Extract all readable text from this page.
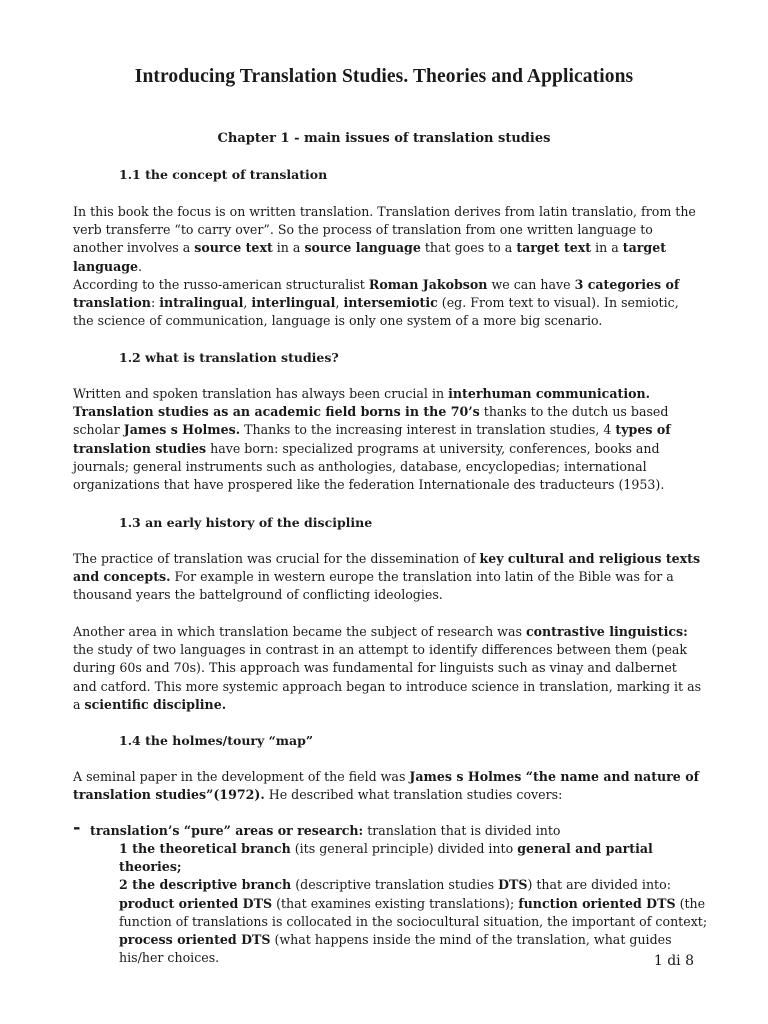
Introducing Translation Studies. Theories and Applications
Chapter 1 - main issues of translation studies
1.1 the concept of translation

In this book the focus is on written translation. Translation derives from latin translatio, from the verb transferre “to carry over”. So the process of translation from one written language to another involves a source text in a source language that goes to a target text in a target language.

According to the russo-american structuralist Roman Jakobson we can have 3 categories of translation: intralingual, interlingual, intersemiotic (eg. From text to visual). In semiotic, the science of communication, language is only one system of a more big scenario.

1.2 what is translation studies?

Written and spoken translation has always been crucial in interhuman communication. Translation studies as an academic field borns in the 70’s thanks to the dutch us based scholar James s Holmes. Thanks to the increasing interest in translation studies, 4 types of translation studies have born: specialized programs at university, conferences, books and journals; general instruments such as anthologies, database, encyclopedias; international organizations that have prospered like the federation Internationale des traducteurs (1953).

1.3 an early history of the discipline

The practice of translation was crucial for the dissemination of key cultural and religious texts and concepts. For example in western europe the translation into latin of the Bible was for a thousand years the battelground of conflicting ideologies.

Another area in which translation became the subject of research was contrastive linguistics: the study of two languages in contrast in an attempt to identify differences between them (peak during 60s and 70s). This approach was fundamental for linguists such as vinay and dalbernet and catford. This more systemic approach began to introduce science in translation, marking it as a scientific discipline.

1.4 the holmes/toury “map”

A seminal paper in the development of the field was James s Holmes “the name and nature of translation studies”(1972). He described what translation studies covers:

- translation’s “pure” areas or research: translation that is divided into

1 the theoretical branch (its general principle) divided into general and partial theories;
2 the descriptive branch (descriptive translation studies DTS) that are divided into: product oriented DTS (that examines existing translations); function oriented DTS (the function of translations is collocated in the sociocultural situation, the important of context; process oriented DTS (what happens inside the mind of the translation, what guides his/her choices.	1 di 8
